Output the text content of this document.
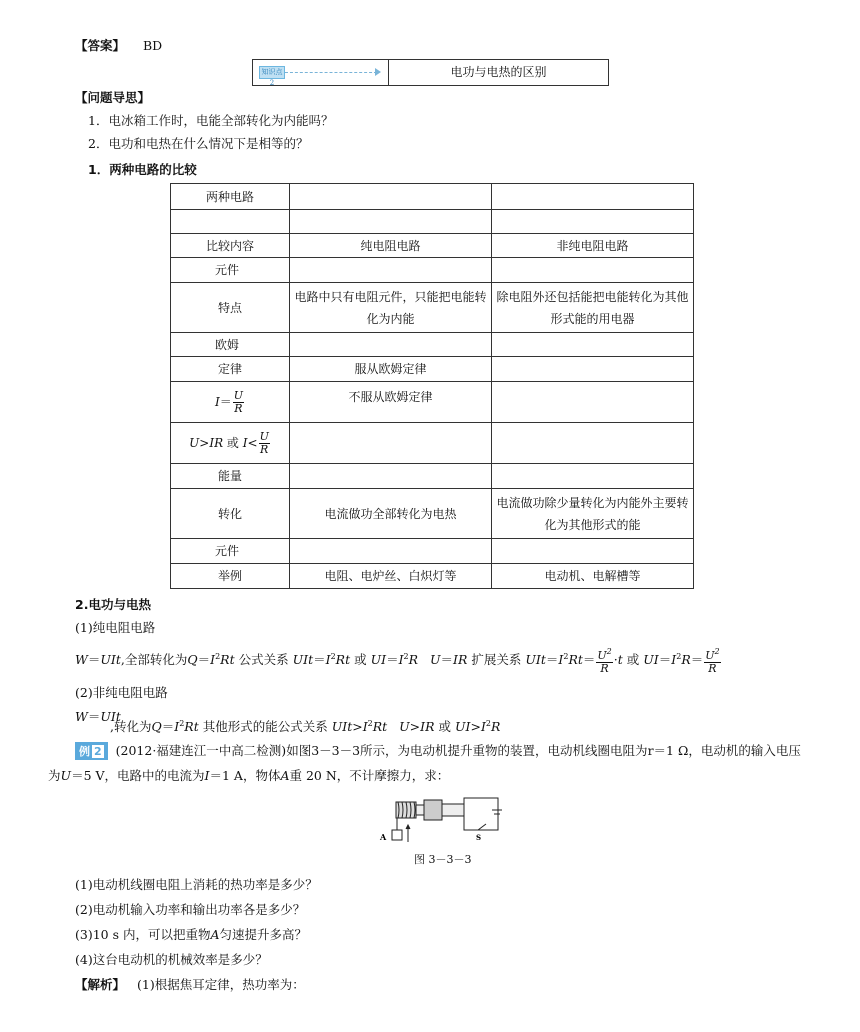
【答案】 BD
知识点2
电功与电热的区别
【问题导思】
1．电冰箱工作时，电能全部转化为内能吗？
2．电功和电热在什么情况下是相等的？
1．两种电路的比较
两种电路		

比较内容	纯电阻电路	非纯电阻电路
元件		
特点	电路中只有电阻元件，只能把电能转化为内能	除电阻外还包括能把电能转化为其他形式能的用电器
欧姆		
定律	服从欧姆定律	
$I= \frac{U}{R}$	不服从欧姆定律	
U>IR 或 $I< \frac{U}{R}$

能量		
转化	电流做功全部转化为电热	电流做功除少量转化为内能外主要转化为其他形式的能
元件		
举例	电阻、电炉丝、白炽灯等	电动机、电解槽等
2.电功与电热
(1)纯电阻电路
W＝UIt,全部转化为$Q=I^2Rt$ 公式关系 $UIt=I^2Rt$ 或 $UI=I^2R$ U＝IR 扩展关系 $UIt=I^2Rt= \frac{U^2}{R} \cdot t$ 或 $UI=I^2R= \frac{U^2}{R}$
(2)非纯电阻电路
W＝UIt
,转化为$Q=I^2Rt$ 其他形式的能公式关系 $UIt>I^2Rt$ U>IR 或 $UI>I^2R$
例 2 (2012·福建连江一中高二检测)如图3－3－3所示，为电动机提升重物的装置，电动机线圈电阻为r＝1 Ω，电动机的输入电压
为U＝5 V，电路中的电流为I＝1 A，物体A重 20 N，不计摩擦力，求：
A	S
图 3－3－3
(1)电动机线圈电阻上消耗的热功率是多少？
(2)电动机输入功率和输出功率各是多少？
(3)10 s 内，可以把重物A匀速提升多高？
(4)这台电动机的机械效率是多少？
【解析】 (1)根据焦耳定律，热功率为：
